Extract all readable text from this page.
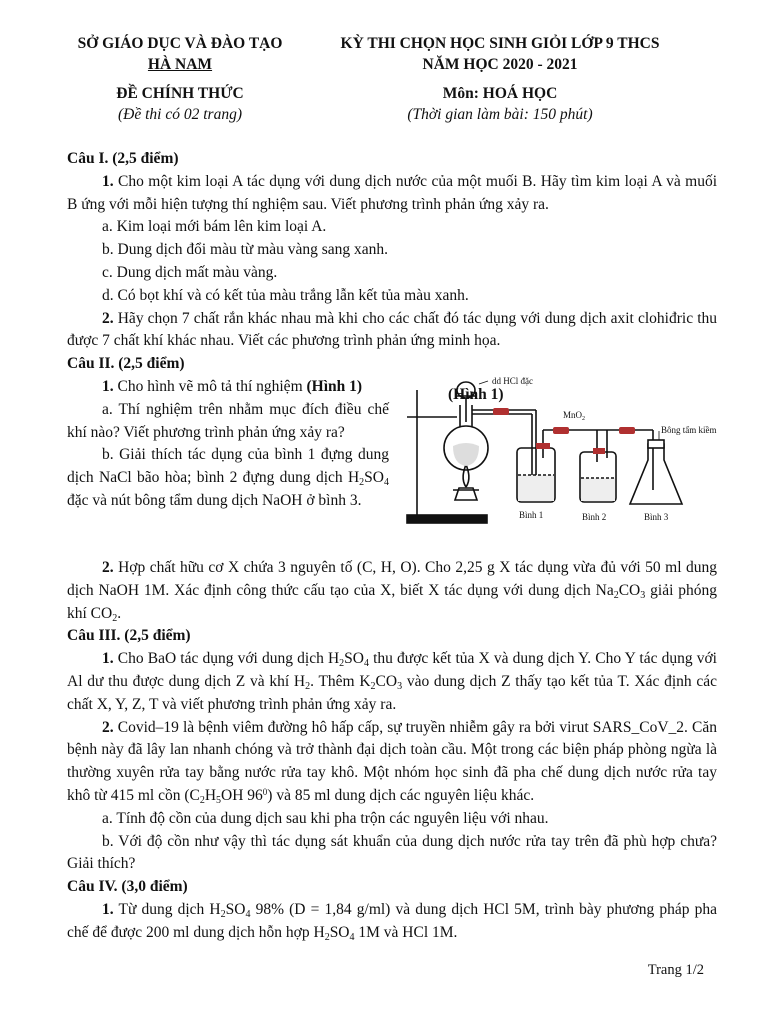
SỞ GIÁO DỤC VÀ ĐÀO TẠO
HÀ NAM
ĐỀ CHÍNH THỨC
(Đề thi có 02 trang)
KỲ THI CHỌN HỌC SINH GIỎI LỚP 9 THCS
NĂM HỌC 2020 - 2021
Môn: HOÁ HỌC
(Thời gian làm bài: 150 phút)

Câu I. (2,5 điểm)

1. Cho một kim loại A tác dụng với dung dịch nước của một muối B. Hãy tìm kim loại A và muối B ứng với mỗi hiện tượng thí nghiệm sau. Viết phương trình phản ứng xảy ra.

a. Kim loại mới bám lên kim loại A.

b. Dung dịch đổi màu từ màu vàng sang xanh.

c. Dung dịch mất màu vàng.

d. Có bọt khí và có kết tủa màu trắng lẫn kết tủa màu xanh.

2. Hãy chọn 7 chất rắn khác nhau mà khi cho các chất đó tác dụng với dung dịch axit clohiđric thu được 7 chất khí khác nhau. Viết các phương trình phản ứng minh họa.

Câu II. (2,5 điểm)

1. Cho hình vẽ mô tả thí nghiệm (Hình 1)

a. Thí nghiệm trên nhằm mục đích điều chế khí nào? Viết phương trình phản ứng xảy ra?

b. Giải thích tác dụng của bình 1 đựng dung dịch NaCl bão hòa; bình 2 đựng dung dịch $H_2SO_4$ đặc và nút bông tẩm dung dịch NaOH ở bình 3.

dd HCl đặc
MnO$_2$
Bông tẩm kiềm
Bình 1	Bình 2	Bình 3

2. Hợp chất hữu cơ X chứa 3 nguyên tố (C, H, O). Cho 2,25 g X tác dụng vừa đủ với 50 ml dung dịch NaOH 1M. Xác định công thức cấu tạo của X, biết X tác dụng với dung dịch $Na_2CO_3$ giải phóng khí $CO_2$.

Câu III. (2,5 điểm)

1. Cho BaO tác dụng với dung dịch $H_2SO_4$ thu được kết tủa X và dung dịch Y. Cho Y tác dụng với Al dư thu được dung dịch Z và khí $H_2$. Thêm $K_2CO_3$ vào dung dịch Z thấy tạo kết tủa T. Xác định các chất X, Y, Z, T và viết phương trình phản ứng xảy ra.

2. Covid–19 là bệnh viêm đường hô hấp cấp, sự truyền nhiễm gây ra bởi virut SARS_CoV_2. Căn bệnh này đã lây lan nhanh chóng và trở thành đại dịch toàn cầu. Một trong các biện pháp phòng ngừa là thường xuyên rửa tay bằng nước rửa tay khô. Một nhóm học sinh đã pha chế dung dịch nước rửa tay khô từ 415 ml cồn ($C_2H_5OH$ $96^0$) và 85 ml dung dịch các nguyên liệu khác.

a. Tính độ cồn của dung dịch sau khi pha trộn các nguyên liệu với nhau.

b. Với độ cồn như vậy thì tác dụng sát khuẩn của dung dịch nước rửa tay trên đã phù hợp chưa? Giải thích?

Câu IV. (3,0 điểm)

1. Từ dung dịch $H_2SO_4$ 98% (D = 1,84 g/ml) và dung dịch HCl 5M, trình bày phương pháp pha chế để được 200 ml dung dịch hỗn hợp $H_2SO_4$ 1M và HCl 1M.

(Hình 1)
Trang 1/2
